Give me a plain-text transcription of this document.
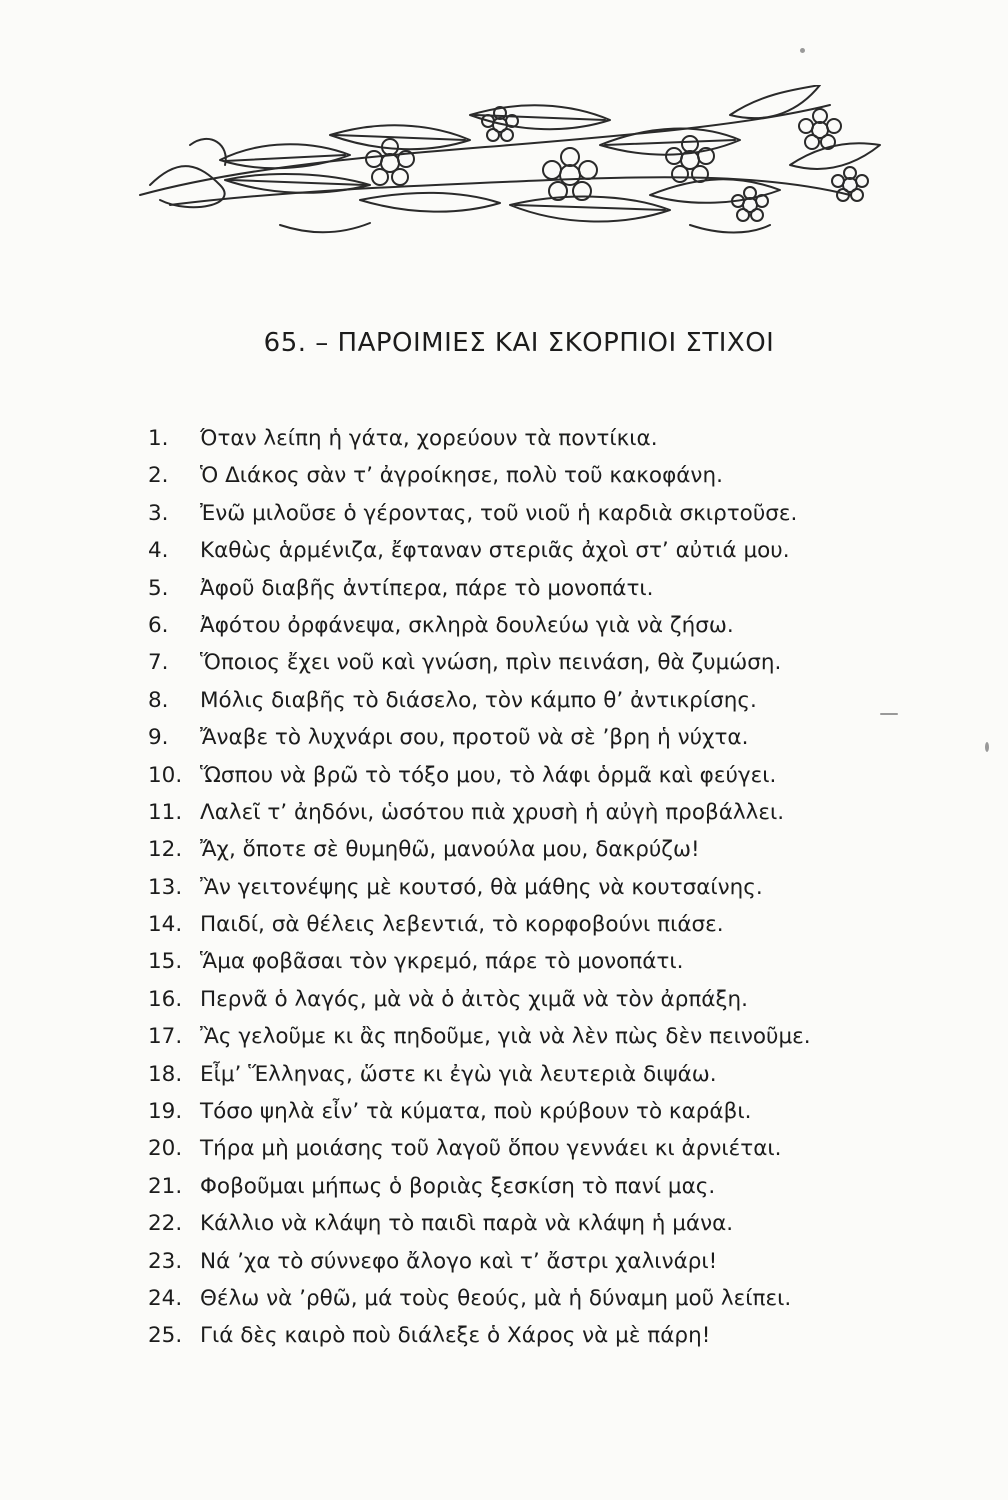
65. – ΠΑΡΟΙΜΙΕΣ ΚΑΙ ΣΚΟΡΠΙΟΙ ΣΤΙΧΟΙ
1.	Όταν λείπη ἡ γάτα, χορεύουν τὰ ποντίκια.
2.	Ὁ Διάκος σὰν τ’ ἀγροίκησε, πολὺ τοῦ κακοφάνη.
3.	Ἐνῶ μιλοῦσε ὁ γέροντας, τοῦ νιοῦ ἡ καρδιὰ σκιρτοῦσε.
4.	Καθὼς ἁρμένιζα, ἔφταναν στεριᾶς ἀχοὶ στ’ αὐτιά μου.
5.	Ἀφοῦ διαβῆς ἀντίπερα, πάρε τὸ μονοπάτι.
6.	Ἀφότου ὀρφάνεψα, σκληρὰ δουλεύω γιὰ νὰ ζήσω.
7.	Ὅποιος ἔχει νοῦ καὶ γνώση, πρὶν πεινάση, θὰ ζυμώση.
8.	Μόλις διαβῆς τὸ διάσελο, τὸν κάμπο θ’ ἀντικρίσης.
9.	Ἄναβε τὸ λυχνάρι σου, προτοῦ νὰ σὲ ’βρη ἡ νύχτα.
10. Ὥσπου νὰ βρῶ τὸ τόξο μου, τὸ λάφι ὁρμᾶ καὶ φεύγει.
11. Λαλεῖ τ’ ἀηδόνι, ὡσότου πιὰ χρυσὴ ἡ αὐγὴ προβάλλει.
12. Ἄχ, ὅποτε σὲ θυμηθῶ, μανούλα μου, δακρύζω!
13. Ἂν γειτονέψης μὲ κουτσό, θὰ μάθης νὰ κουτσαίνης.
14. Παιδί, σὰ θέλεις λεβεντιά, τὸ κορφοβούνι πιάσε.
15. Ἅμα φοβᾶσαι τὸν γκρεμό, πάρε τὸ μονοπάτι.
16. Περνᾶ ὁ λαγός, μὰ νὰ ὁ ἀιτὸς χιμᾶ νὰ τὸν ἀρπάξη.
17. Ἂς γελοῦμε κι ἂς πηδοῦμε, γιὰ νὰ λὲν πὼς δὲν πεινοῦμε.
18. Εἶμ’ Ἕλληνας, ὥστε κι ἐγὼ γιὰ λευτεριὰ διψάω.
19. Τόσο ψηλὰ εἶν’ τὰ κύματα, ποὺ κρύβουν τὸ καράβι.
20. Τήρα μὴ μοιάσης τοῦ λαγοῦ ὅπου γεννάει κι ἀρνιέται.
21. Φοβοῦμαι μήπως ὁ βοριὰς ξεσκίση τὸ πανί μας.
22. Κάλλιο νὰ κλάψη τὸ παιδὶ παρὰ νὰ κλάψη ἡ μάνα.
23. Νά ’χα τὸ σύννεφο ἄλογο καὶ τ’ ἄστρι χαλινάρι!
24. Θέλω νὰ ’ρθῶ, μά τοὺς θεούς, μὰ ἡ δύναμη μοῦ λείπει.
25. Γιά δὲς καιρὸ ποὺ διάλεξε ὁ Χάρος νὰ μὲ πάρη!
